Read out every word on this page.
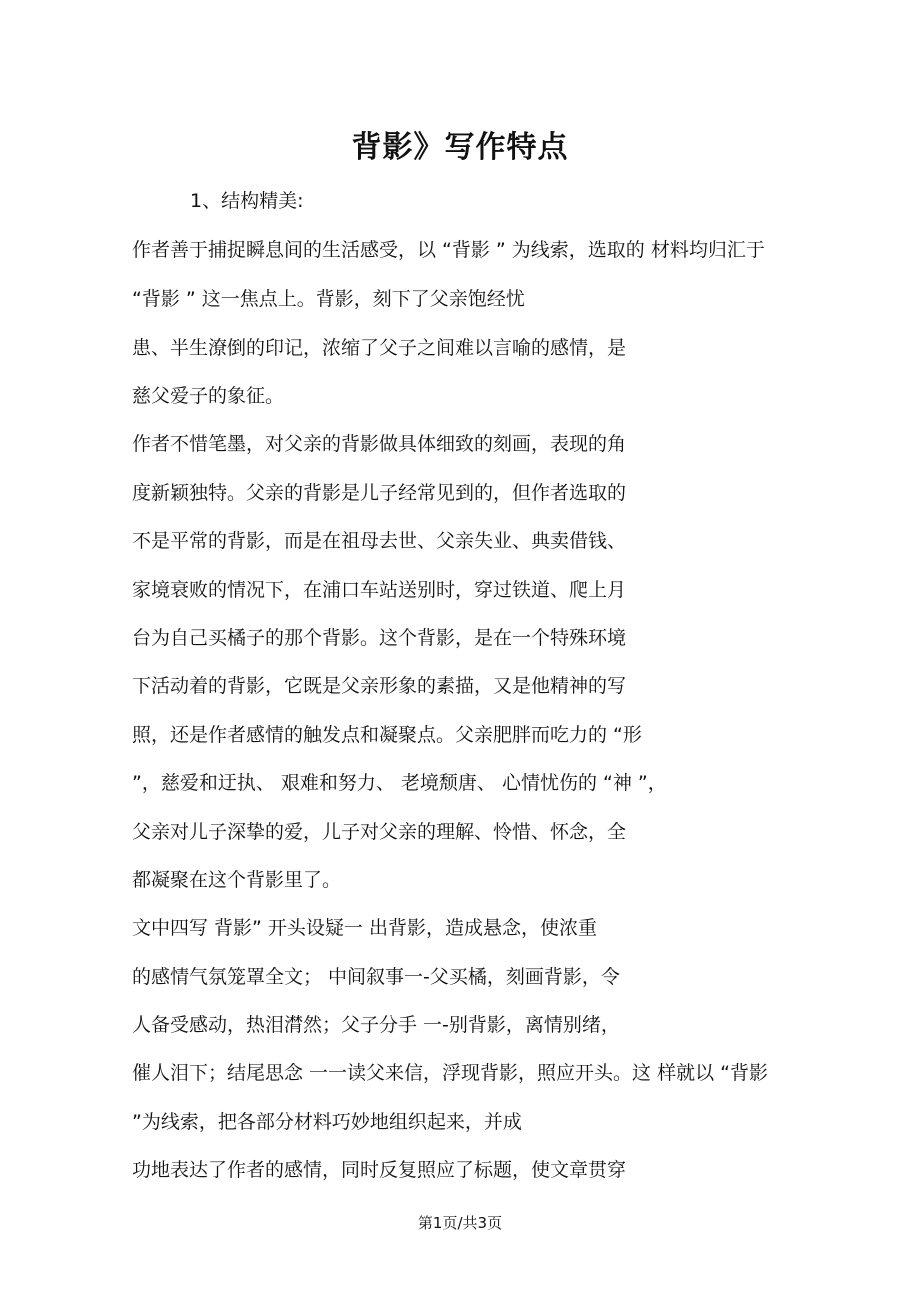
背影》写作特点

1、结构精美:

作者善于捕捉瞬息间的生活感受，以 “背影 ” 为线索，选取的 材料均归汇于

“背影 ” 这一焦点上。背影，刻下了父亲饱经忧

患、半生潦倒的印记，浓缩了父子之间难以言喻的感情，是

慈父爱子的象征。

作者不惜笔墨，对父亲的背影做具体细致的刻画，表现的角

度新颖独特。父亲的背影是儿子经常见到的，但作者选取的

不是平常的背影，而是在祖母去世、父亲失业、典卖借钱、

家境衰败的情况下，在浦口车站送别时，穿过铁道、爬上月

台为自己买橘子的那个背影。这个背影，是在一个特殊环境

下活动着的背影，它既是父亲形象的素描，又是他精神的写

照，还是作者感情的触发点和凝聚点。父亲肥胖而吃力的 “形

”，慈爱和迂执、 艰难和努力、 老境颓唐、 心情忧伤的 “神 ”，

父亲对儿子深挚的爱，儿子对父亲的理解、怜惜、怀念，全

都凝聚在这个背影里了。

文中四写 背影” 开头设疑一 出背影，造成悬念，使浓重

的感情气氛笼罩全文； 中间叙事一-父买橘，刻画背影，令

人备受感动，热泪潸然；父子分手 一-别背影，离情别绪，

催人泪下；结尾思念 一一读父来信，浮现背影，照应开头。这 样就以 “背影

”为线索，把各部分材料巧妙地组织起来，并成

功地表达了作者的感情，同时反复照应了标题，使文章贯穿

第1页/共3页
